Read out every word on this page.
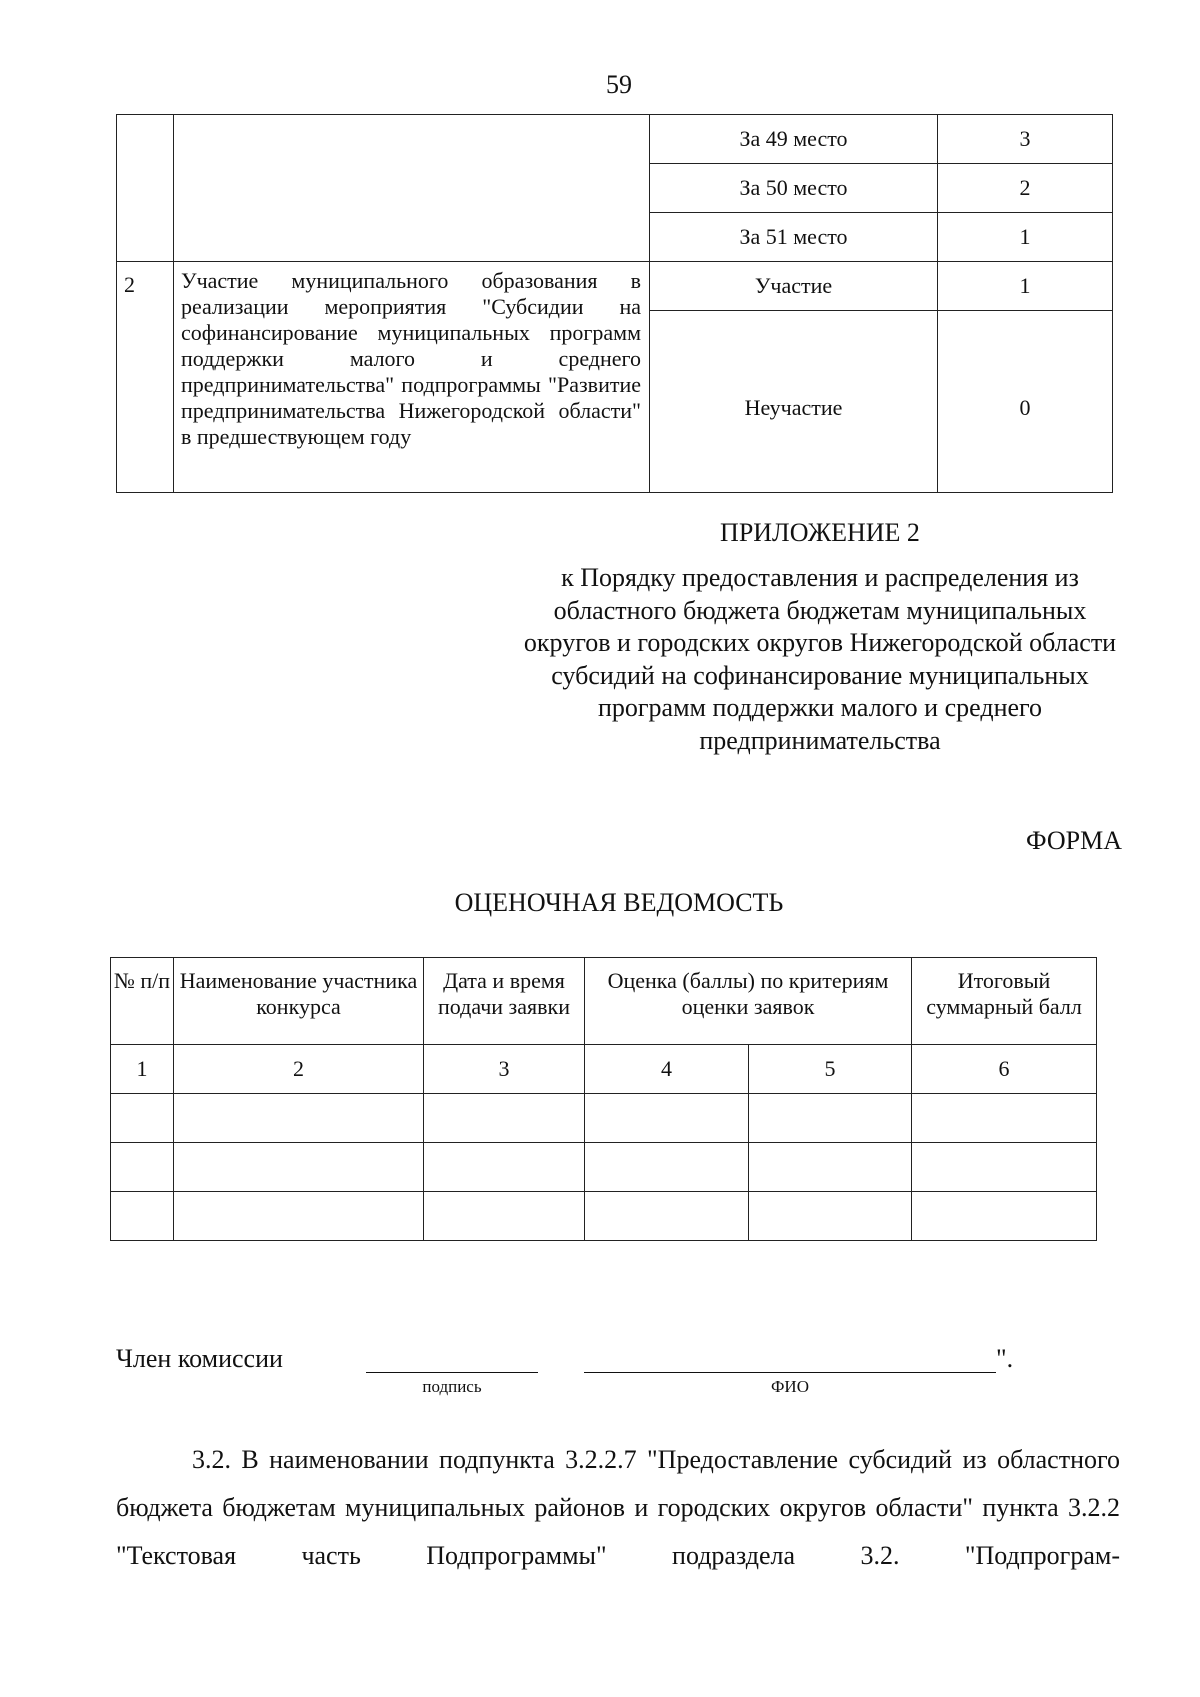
59
		За 49 место	3
		За 50 место	2
		За 51 место	1
2	Участие муниципального образования в реализации мероприятия "Субсидии на софинансирование муниципальных программ поддержки малого и среднего предпринимательства" подпрограммы "Развитие предпринимательства Нижегородской области" в предшествующем году	Участие	1
		Неучастие	0
ПРИЛОЖЕНИЕ 2
к Порядку предоставления и распределения из областного бюджета бюджетам муниципальных округов и городских округов Нижегородской области субсидий на софинансирование муниципальных программ поддержки малого и среднего предпринимательства
ФОРМА
ОЦЕНОЧНАЯ ВЕДОМОСТЬ
№ п/п	Наименование участника конкурса	Дата и время подачи заявки	Оценка (баллы) по критериям оценки заявок		Итоговый суммарный балл
1	2	3	4	5	6

Член комиссии	".
подпись	ФИО
3.2. В наименовании подпункта 3.2.2.7 "Предоставление субсидий из областного бюджета бюджетам муниципальных районов и городских округов области" пункта 3.2.2 "Текстовая часть Подпрограммы" подраздела 3.2. "Подпрограм-
